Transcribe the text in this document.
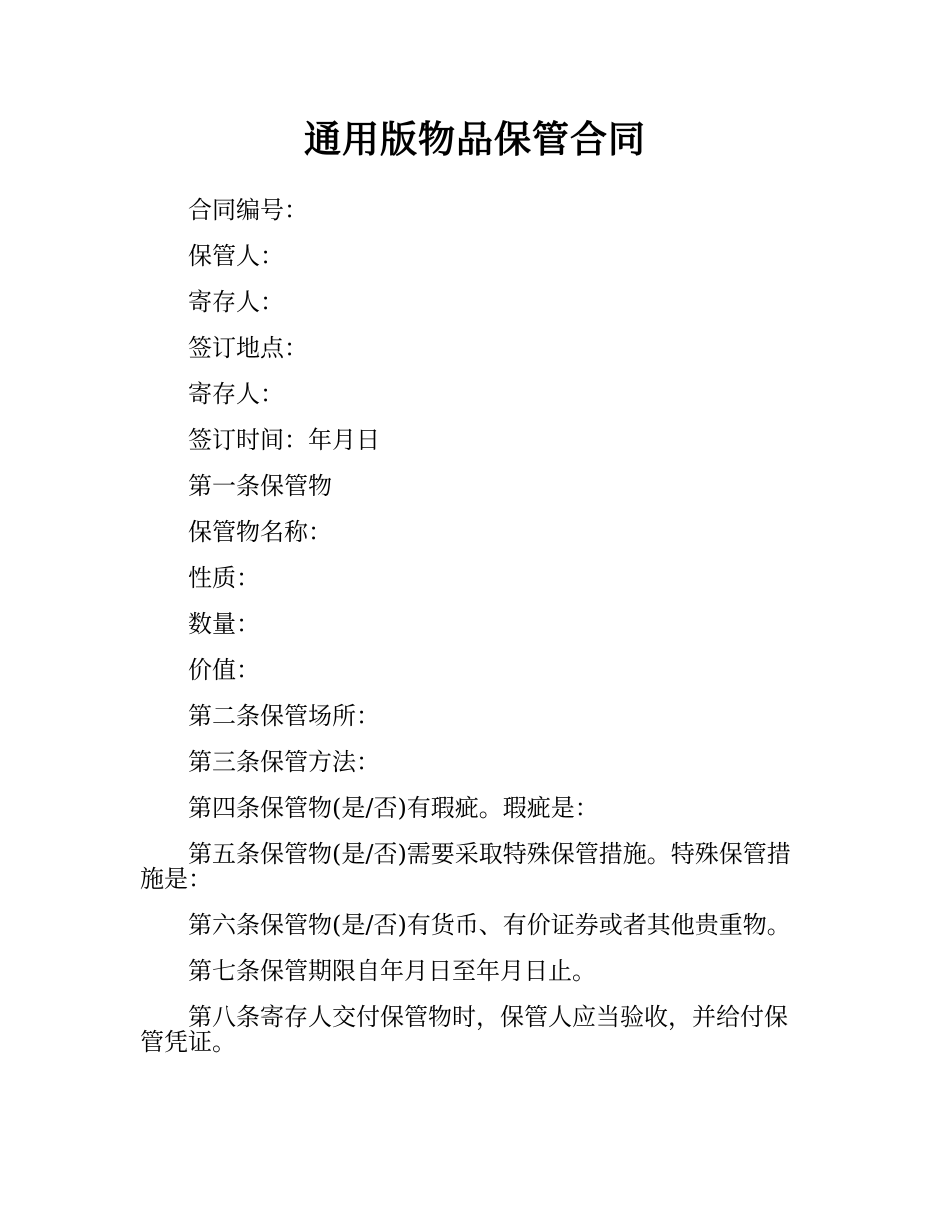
通用版物品保管合同

合同编号：

保管人：

寄存人：

签订地点：

寄存人：

签订时间：年月日

第一条保管物

保管物名称：

性质：

数量：

价值：

第二条保管场所：

第三条保管方法：

第四条保管物(是/否)有瑕疵。瑕疵是：

第五条保管物(是/否)需要采取特殊保管措施。特殊保管措施是：

第六条保管物(是/否)有货币、有价证券或者其他贵重物。

第七条保管期限自年月日至年月日止。

第八条寄存人交付保管物时，保管人应当验收，并给付保管凭证。
